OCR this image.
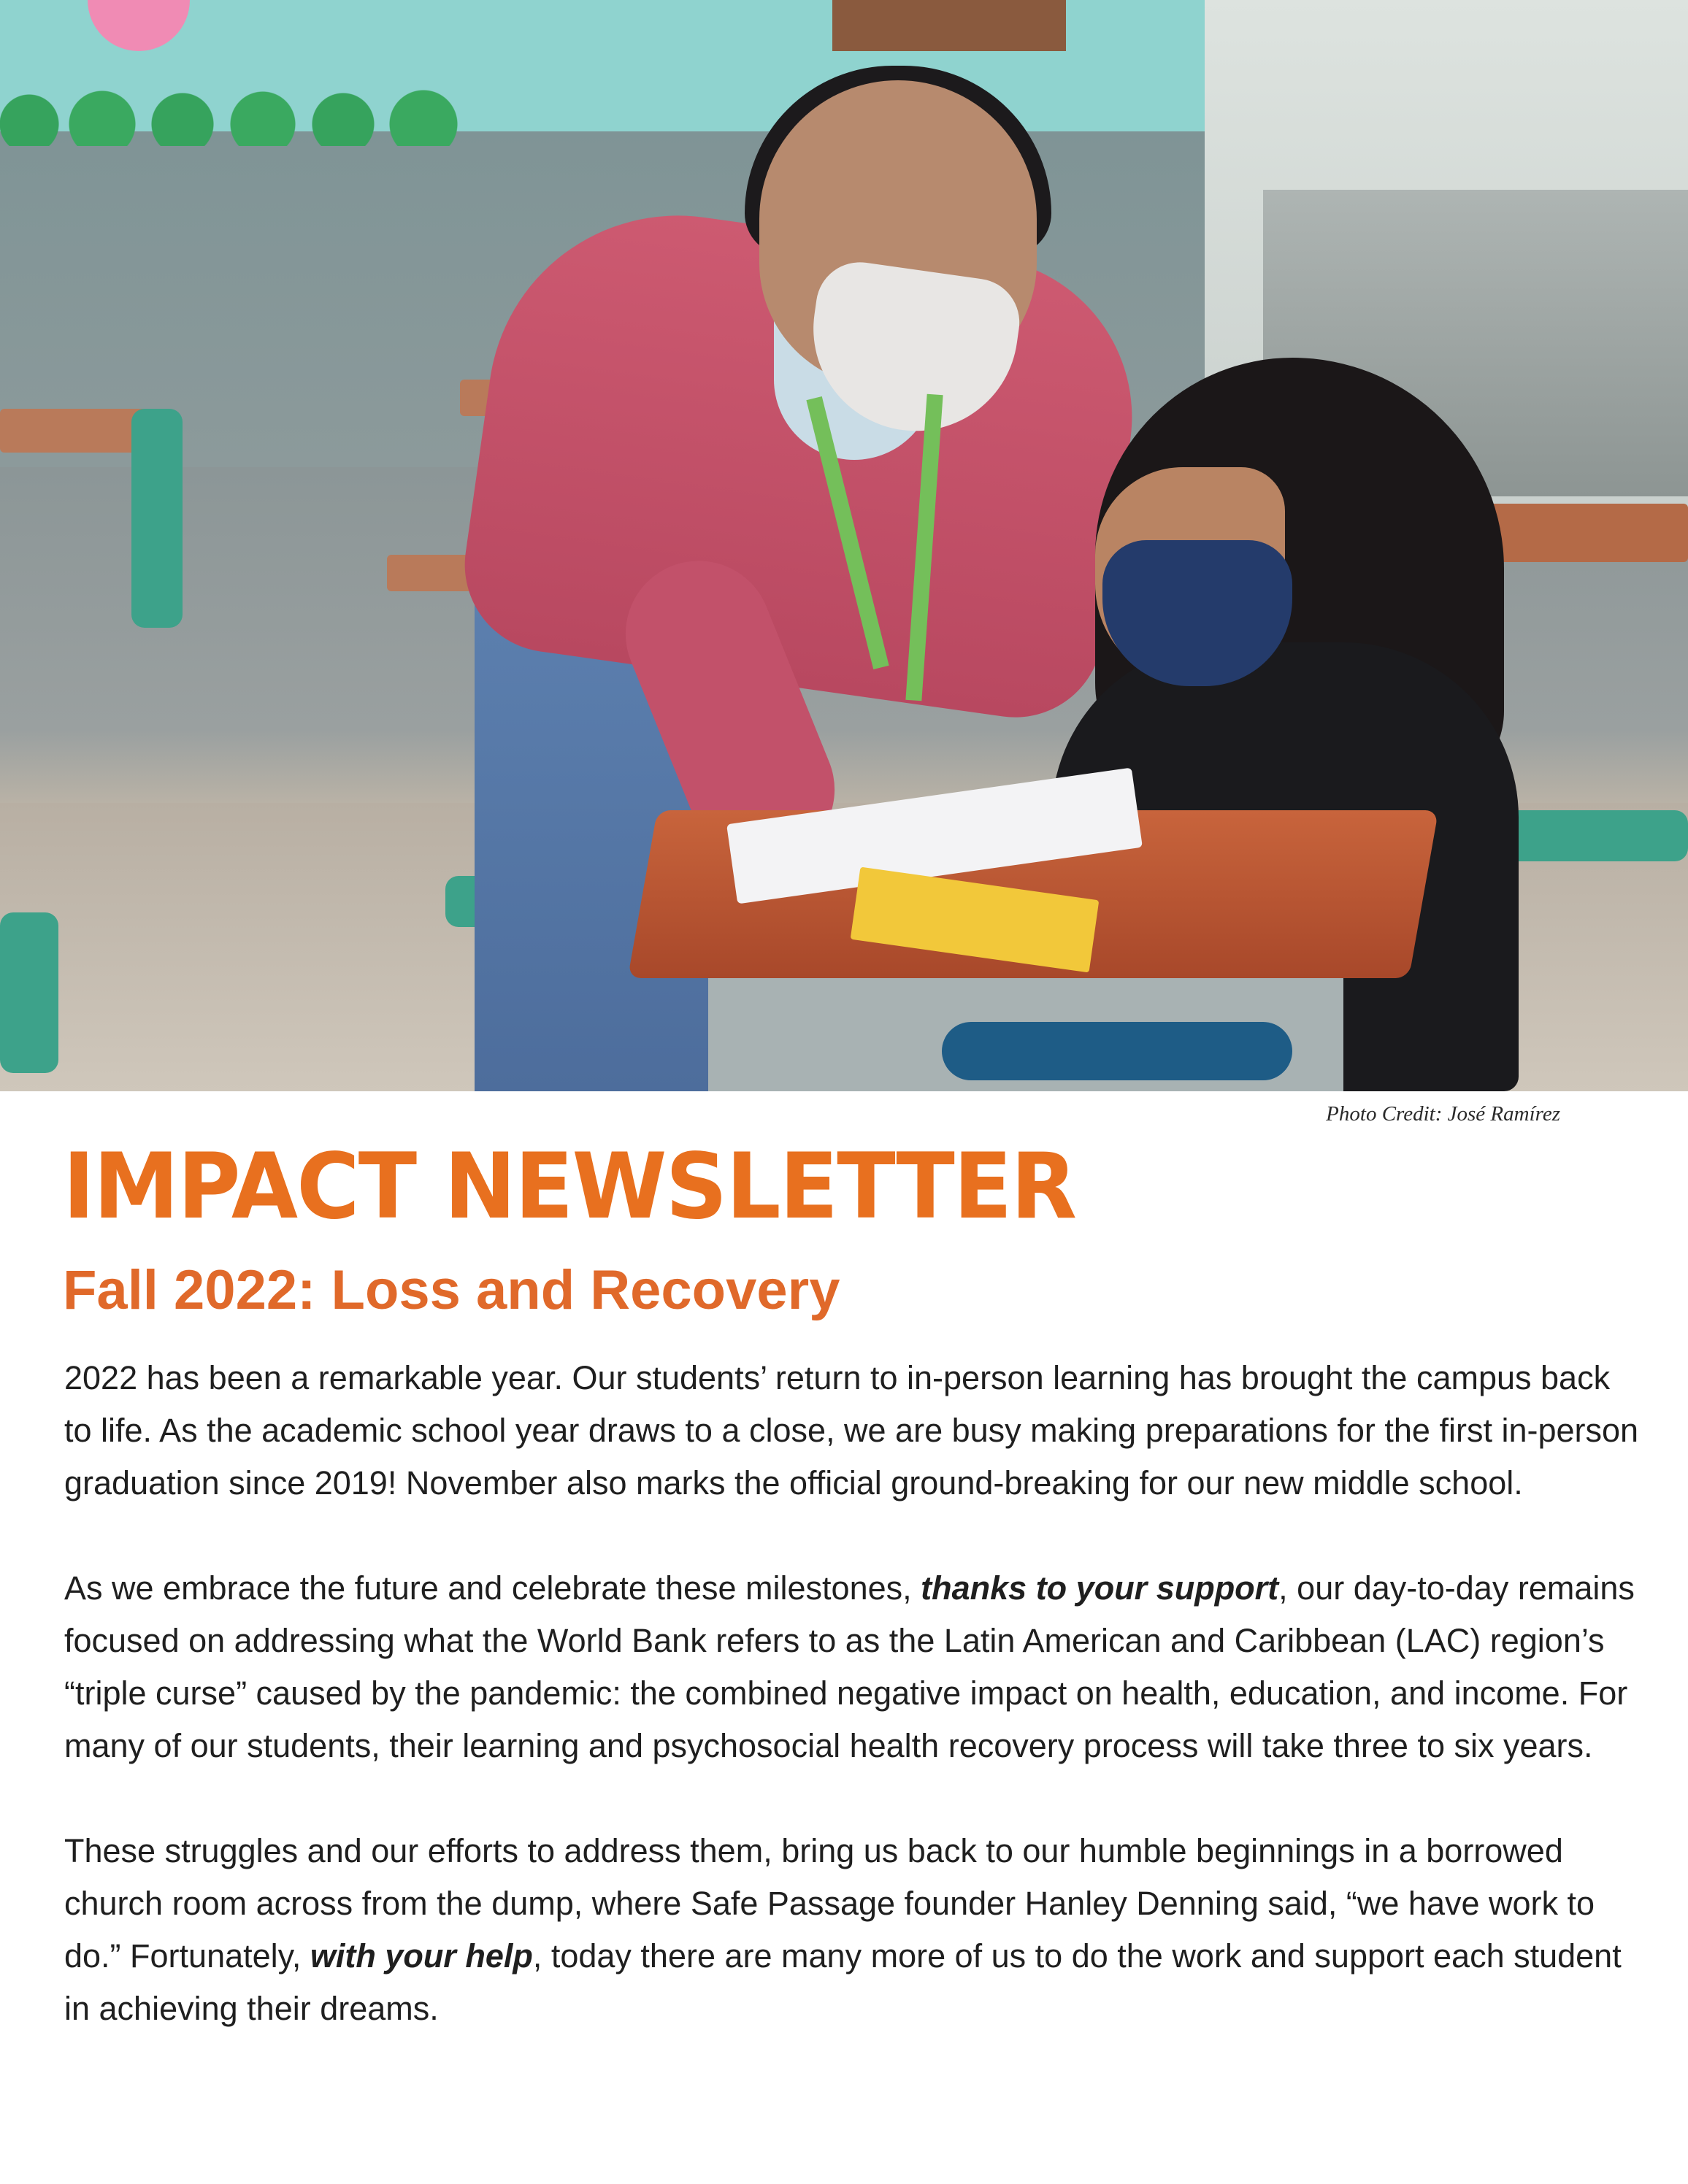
Photo Credit: José Ramírez
IMPACT NEWSLETTER
Fall 2022: Loss and Recovery

2022 has been a remarkable year. Our students’ return to in-person learning has brought the campus back to life. As the academic school year draws to a close, we are busy making preparations for the first in-person graduation since 2019! November also marks the official ground-breaking for our new middle school.

As we embrace the future and celebrate these milestones, thanks to your support, our day-to-day remains focused on addressing what the World Bank refers to as the Latin American and Caribbean (LAC) region’s “triple curse” caused by the pandemic: the combined negative impact on health, education, and income. For many of our students, their learning and psychosocial health recovery process will take three to six years.

These struggles and our efforts to address them, bring us back to our humble beginnings in a borrowed church room across from the dump, where Safe Passage founder Hanley Denning said, “we have work to do.” Fortunately, with your help, today there are many more of us to do the work and support each student in achieving their dreams.
